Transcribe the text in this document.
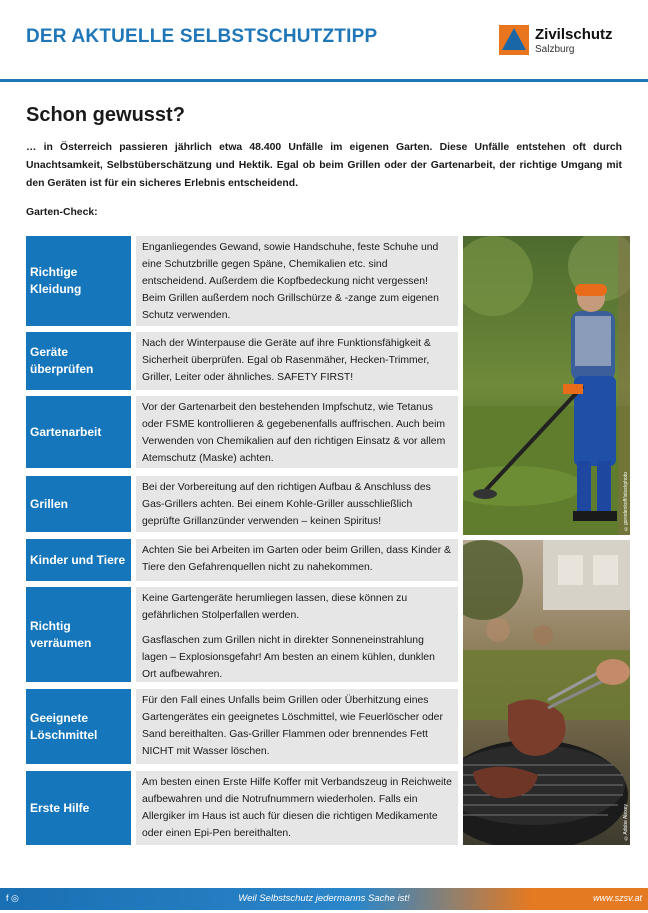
DER AKTUELLE SELBSTSCHUTZTIPP	Zivilschutz
Salzburg
Schon gewusst?
… in Österreich passieren jährlich etwa 48.400 Unfälle im eigenen Garten. Diese Unfälle entstehen oft durch Unachtsamkeit, Selbstüberschätzung und Hektik. Egal ob beim Grillen oder der Gartenarbeit, der richtige Umgang mit den Geräten ist für ein sicheres Erlebnis entscheidend.
Garten-Check:
Richtige Kleidung

Enganliegendes Gewand, sowie Handschuhe, feste Schuhe und eine Schutzbrille gegen Späne, Chemikalien etc. sind entscheidend. Außerdem die Kopfbedeckung nicht vergessen! Beim Grillen außerdem noch Grillschürze & -zange zum eigenen Schutz verwenden.

Geräte überprüfen

Nach der Winterpause die Geräte auf ihre Funktionsfähigkeit & Sicherheit überprüfen. Egal ob Rasenmäher, Hecken-Trimmer, Griller, Leiter oder ähnliches. SAFETY FIRST!

Gartenarbeit

Vor der Gartenarbeit den bestehenden Impfschutz, wie Tetanus oder FSME kontrollieren & gegebenenfalls auffrischen. Auch beim Verwenden von Chemikalien auf den richtigen Einsatz & vor allem Atemschutz (Maske) achten.

Grillen

Bei der Vorbereitung auf den richtigen Aufbau & Anschluss des Gas-Grillers achten. Bei einem Kohle-Griller ausschließlich geprüfte Grillanzünder verwenden – keinen Spiritus!

Kinder und Tiere

Achten Sie bei Arbeiten im Garten oder beim Grillen, dass Kinder & Tiere den Gefahrenquellen nicht zu nahekommen.

Richtig verräumen

Keine Gartengeräte herumliegen lassen, diese können zu gefährlichen Stolperfallen werden.

Gasflaschen zum Grillen nicht in direkter Sonneneinstrahlung lagen – Explosionsgefahr! Am besten an einem kühlen, dunklen Ort aufbewahren.

Geeignete Löschmittel

Für den Fall eines Unfalls beim Grillen oder Überhitzung eines Gartengerätes ein geeignetes Löschmittel, wie Feuerlöscher oder Sand bereithalten. Gas-Griller Flammen oder brennendes Fett NICHT mit Wasser löschen.

Erste Hilfe

Am besten einen Erste Hilfe Koffer mit Verbandszeug in Reichweite aufbewahren und die Notrufnummern wiederholen. Falls ein Allergiker im Haus ist auch für diesen die richtigen Medikamente oder einen Epi-Pen bereithalten.

©gorodenkoff/istockphoto
©Adobe Alexey
f ◎	Weil Selbstschutz jedermanns Sache ist!	www.szsv.at
